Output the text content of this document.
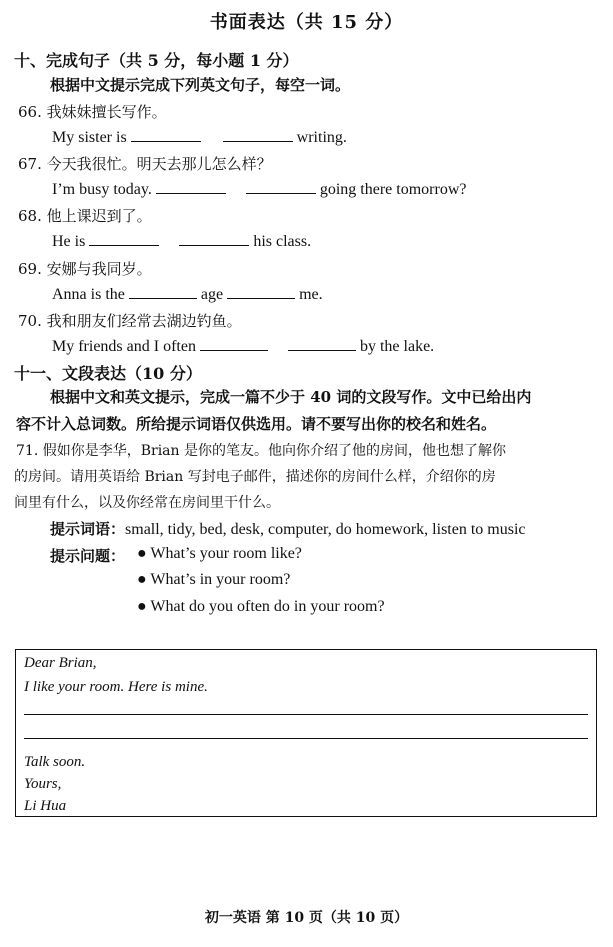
书面表达（共 15 分）
十、完成句子（共 5 分，每小题 1 分）
根据中文提示完成下列英文句子，每空一词。
66. 我妹妹擅长写作。
My sister is	writing.
67. 今天我很忙。明天去那儿怎么样？
I’m busy today.	going there tomorrow?
68. 他上课迟到了。
He is	his class.
69. 安娜与我同岁。
Anna is the	age	me.
70. 我和朋友们经常去湖边钓鱼。
My friends and I often	by the lake.
十一、文段表达（10 分）
根据中文和英文提示，完成一篇不少于 40 词的文段写作。文中已给出内
容不计入总词数。所给提示词语仅供选用。请不要写出你的校名和姓名。
71. 假如你是李华，Brian 是你的笔友。他向你介绍了他的房间，他也想了解你
的房间。请用英语给 Brian 写封电子邮件，描述你的房间什么样，介绍你的房
间里有什么，以及你经常在房间里干什么。
提示词语：small, tidy, bed, desk, computer, do homework, listen to music
提示问题： ● What’s your room like?
● What’s in your room?
● What do you often do in your room?
Dear Brian,
I like your room. Here is mine.
Talk soon.
Yours,
Li Hua
初一英语 第 10 页（共 10 页）
